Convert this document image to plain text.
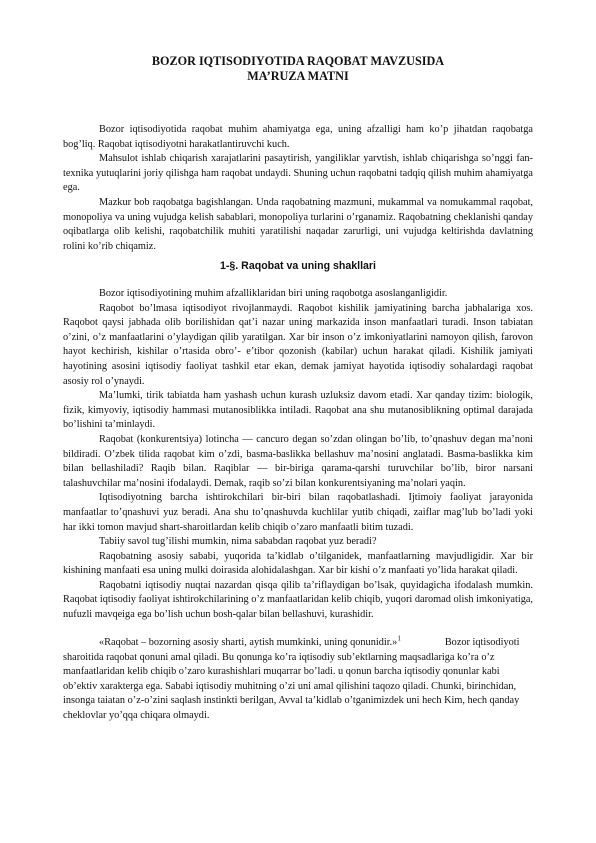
BOZOR IQTISODIYOTIDA RAQOBAT MAVZUSIDA
MA’RUZA MATNI

Bozor iqtisodiyotida raqobat muhim ahamiyatga ega, uning afzalligi ham ko’p jihatdan raqobatga bog’liq. Raqobat iqtisodiyotni harakatlantiruvchi kuch.

Mahsulot ishlab chiqarish xarajatlarini pasaytirish, yangiliklar yarvtish, ishlab chiqarishga so’nggi fan-texnika yutuqlarini joriy qilishga ham raqobat undaydi. Shuning uchun raqobatni tadqiq qilish muhim ahamiyatga ega.

Mazkur bob raqobatga bagishlangan. Unda raqobatning mazmuni, mukammal va nomukammal raqobat, monopoliya va uning vujudga kelish sabablari, monopoliya turlarini o’rganamiz. Raqobatning cheklanishi qanday oqibatlarga olib kelishi, raqobatchilik muhiti yaratilishi naqadar zarurligi, uni vujudga keltirishda davlatning rolini ko’rib chiqamiz.

1-§. Raqobat va uning shakllari

Bozor iqtisodiyotining muhim afzalliklaridan biri uning raqobotga asoslanganligidir.

Raqobot bo’lmasa iqtisodiyot rivojlanmaydi. Raqobot kishilik jamiyatining barcha jabhalariga xos. Raqobot qaysi jabhada olib borilishidan qat’i nazar uning markazida inson manfaatlari turadi. Inson tabiatan o’zini, o’z manfaatlarini o’ylaydigan qilib yaratilgan. Xar bir inson o’z imkoniyatlarini namoyon qilish, farovon hayot kechirish, kishilar o’rtasida obro’- e’tibor qozonish (kabilar) uchun harakat qiladi. Kishilik jamiyati hayotining asosini iqtisodiy faoliyat tashkil etar ekan, demak jamiyat hayotida iqtisodiy sohalardagi raqobat asosiy rol o’ynaydi.

Ma’lumki, tirik tabiatda ham yashash uchun kurash uzluksiz davom etadi. Xar qanday tizim: biologik, fizik, kimyoviy, iqtisodiy hammasi mutanosiblikka intiladi. Raqobat ana shu mutanosiblikning optimal darajada bo’lishini ta’minlaydi.

Raqobat (konkurentsiya) lotincha — cancuro degan so’zdan olingan bo’lib, to’qnashuv degan ma’noni bildiradi. O’zbek tilida raqobat kim o’zdi, basma-baslikka bellashuv ma’nosini anglatadi. Basma-baslikka kim bilan bellashiladi? Raqib bilan. Raqiblar — bir-biriga qarama-qarshi turuvchilar bo’lib, biror narsani talashuvchilar ma’nosini ifodalaydi. Demak, raqib so’zi bilan konkurentsiyaning ma’nolari yaqin.

Iqtisodiyotning barcha ishtirokchilari bir-biri bilan raqobatlashadi. Ijtimoiy faoliyat jarayonida manfaatlar to’qnashuvi yuz beradi. Ana shu to’qnashuvda kuchlilar yutib chiqadi, zaiflar mag’lub bo’ladi yoki har ikki tomon mavjud shart-sharoitlardan kelib chiqib o’zaro manfaatli bitim tuzadi.

Tabiiy savol tug’ilishi mumkin, nima sababdan raqobat yuz beradi?

Raqobatning asosiy sababi, yuqorida ta’kidlab o’tilganidek, manfaatlarning mavjudligidir. Xar bir kishining manfaati esa uning mulki doirasida alohidalashgan. Xar bir kishi o’z manfaati yo’lida harakat qiladi.

Raqobatni iqtisodiy nuqtai nazardan qisqa qilib ta’riflaydigan bo’lsak, quyidagicha ifodalash mumkin. Raqobat iqtisodiy faoliyat ishtirokchilarining o’z manfaatlaridan kelib chiqib, yuqori daromad olish imkoniyatiga, nufuzli mavqeiga ega bo’lish uchun bosh-qalar bilan bellashuvi, kurashidir.

«Raqobat – bozorning asosiy sharti, aytish mumkinki, uning qonunidir.»$^1$	Bozor iqtisodiyoti sharoitida raqobat qonuni amal qiladi. Bu qonunga ko’ra iqtisodiy sub’ektlarning maqsadlariga ko’ra o’z manfaatlaridan kelib chiqib o’zaro kurashishlari muqarrar bo’ladi. u qonun barcha iqtisodiy qonunlar kabi ob’ektiv xarakterga ega. Sababi iqtisodiy muhitning o’zi uni amal qilishini taqozo qiladi. Chunki, birinchidan, insonga taiatan o’z-o’zini saqlash instinkti berilgan, Avval ta’kidlab o’tganimizdek uni hech Kim, hech qanday cheklovlar yo’qqa chiqara olmaydi.
